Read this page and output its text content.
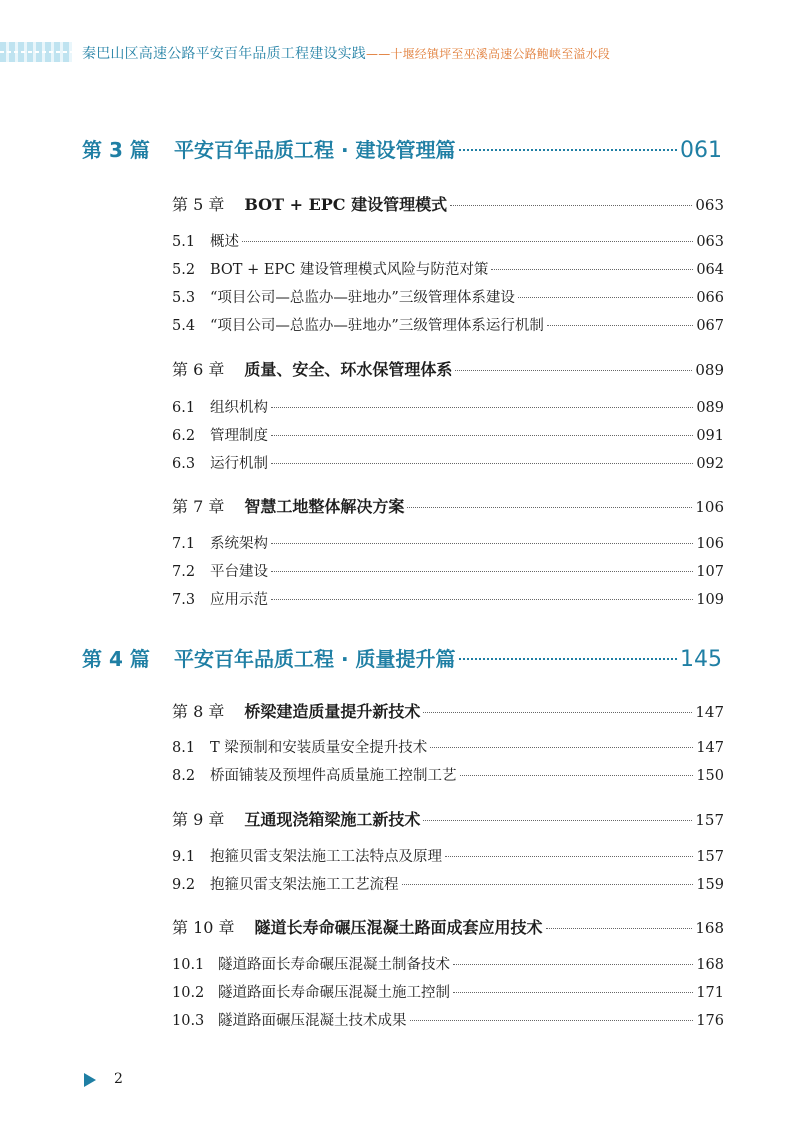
秦巴山区高速公路平安百年品质工程建设实践——十堰经镇坪至巫溪高速公路鲍峡至溢水段
第 3 篇	平安百年品质工程 · 建设管理篇	061
第 5 章 BOT + EPC 建设管理模式	063
5.1	概述	063
5.2	BOT + EPC 建设管理模式风险与防范对策	064
5.3	“项目公司—总监办—驻地办”三级管理体系建设	066
5.4	“项目公司—总监办—驻地办”三级管理体系运行机制	067
第 6 章 质量、安全、环水保管理体系	089
6.1	组织机构	089
6.2	管理制度	091
6.3	运行机制	092
第 7 章 智慧工地整体解决方案	106
7.1	系统架构	106
7.2	平台建设	107
7.3	应用示范	109
第 4 篇	平安百年品质工程 · 质量提升篇	145
第 8 章 桥梁建造质量提升新技术	147
8.1	T 梁预制和安装质量安全提升技术	147
8.2	桥面铺装及预埋件高质量施工控制工艺	150
第 9 章 互通现浇箱梁施工新技术	157
9.1	抱箍贝雷支架法施工工法特点及原理	157
9.2	抱箍贝雷支架法施工工艺流程	159
第 10 章 隧道长寿命碾压混凝土路面成套应用技术	168
10.1 隧道路面长寿命碾压混凝土制备技术	168
10.2 隧道路面长寿命碾压混凝土施工控制	171
10.3 隧道路面碾压混凝土技术成果	176
2
